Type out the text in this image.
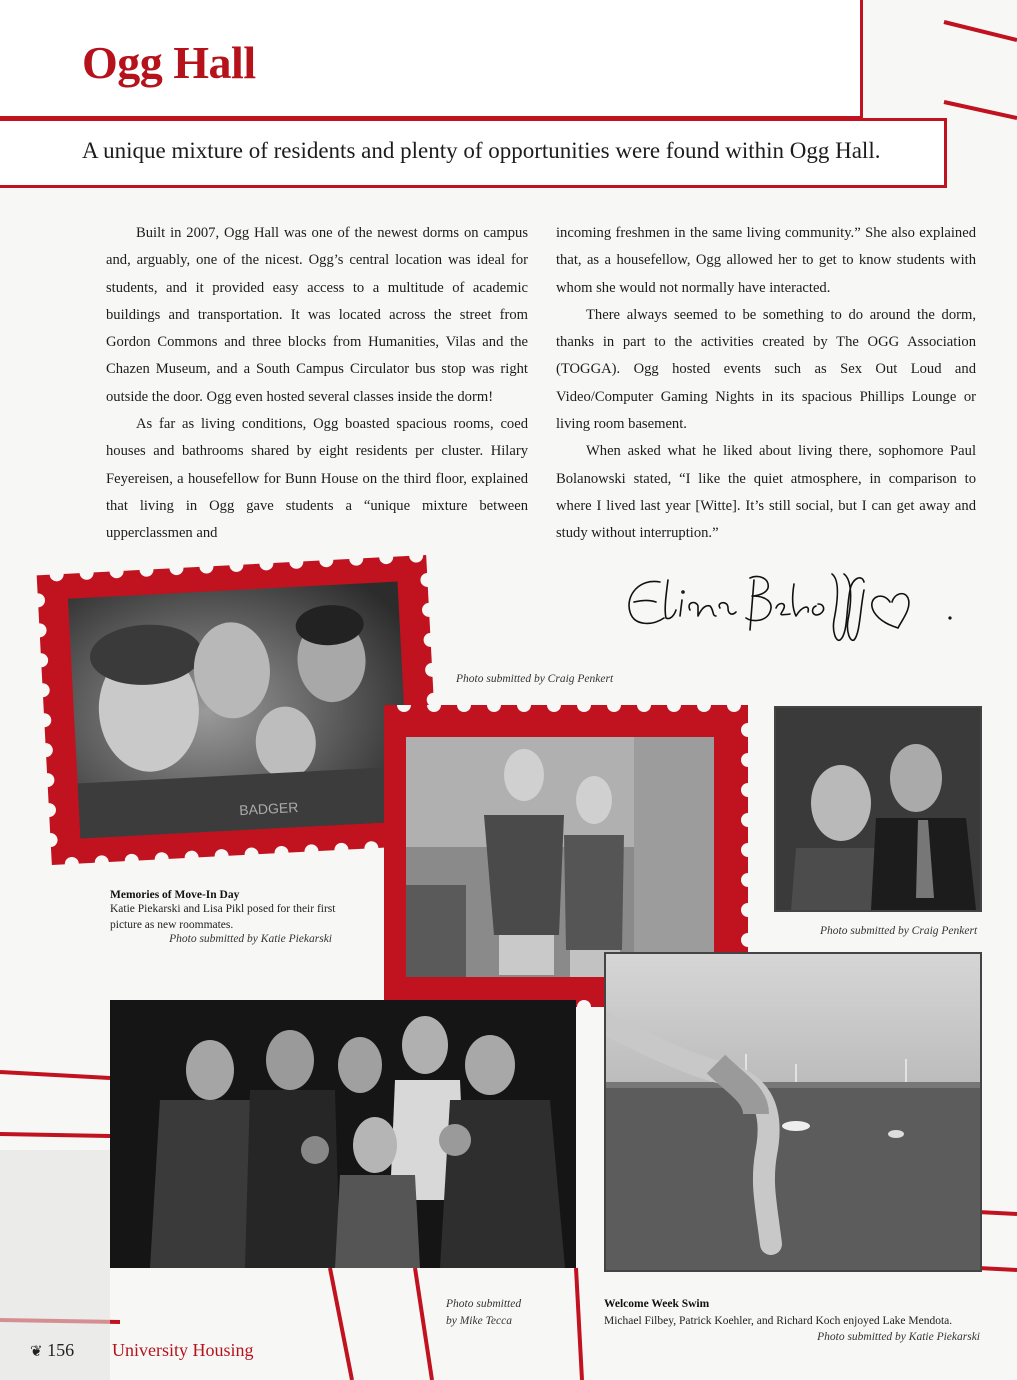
Ogg Hall
A unique mixture of residents and plenty of opportunities were found within Ogg Hall.

Built in 2007, Ogg Hall was one of the newest dorms on campus and, arguably, one of the nicest. Ogg’s central location was ideal for students, and it provided easy access to a multitude of academic buildings and transportation. It was located across the street from Gordon Commons and three blocks from Humanities, Vilas and the Chazen Museum, and a South Campus Circulator bus stop was right outside the door. Ogg even hosted several classes inside the dorm!

As far as living conditions, Ogg boasted spacious rooms, coed houses and bathrooms shared by eight residents per cluster. Hilary Feyereisen, a housefellow for Bunn House on the third floor, explained that living in Ogg gave students a “unique mixture between upperclassmen and

incoming freshmen in the same living community.” She also explained that, as a housefellow, Ogg allowed her to get to know students with whom she would not normally have interacted.

There always seemed to be something to do around the dorm, thanks in part to the activities created by The OGG Association (TOGGA). Ogg hosted events such as Sex Out Loud and Video/Computer Gaming Nights in its spacious Phillips Lounge or living room basement.

When asked what he liked about living there, sophomore Paul Bolanowski stated, “I like the quiet atmosphere, in comparison to where I lived last year [Witte]. It’s still social, but I can get away and study without interruption.”

BADGER
Photo submitted by Craig Penkert
Memories of Move-In Day
Katie Piekarski and Lisa Pikl posed for their first picture as new roommates.
Photo submitted by Katie Piekarski
Photo submitted by Craig Penkert
Photo submitted
by Mike Tecca
Welcome Week Swim
Michael Filbey, Patrick Koehler, and Richard Koch enjoyed Lake Mendota.
Photo submitted by Katie Piekarski
❦ 156 University Housing
